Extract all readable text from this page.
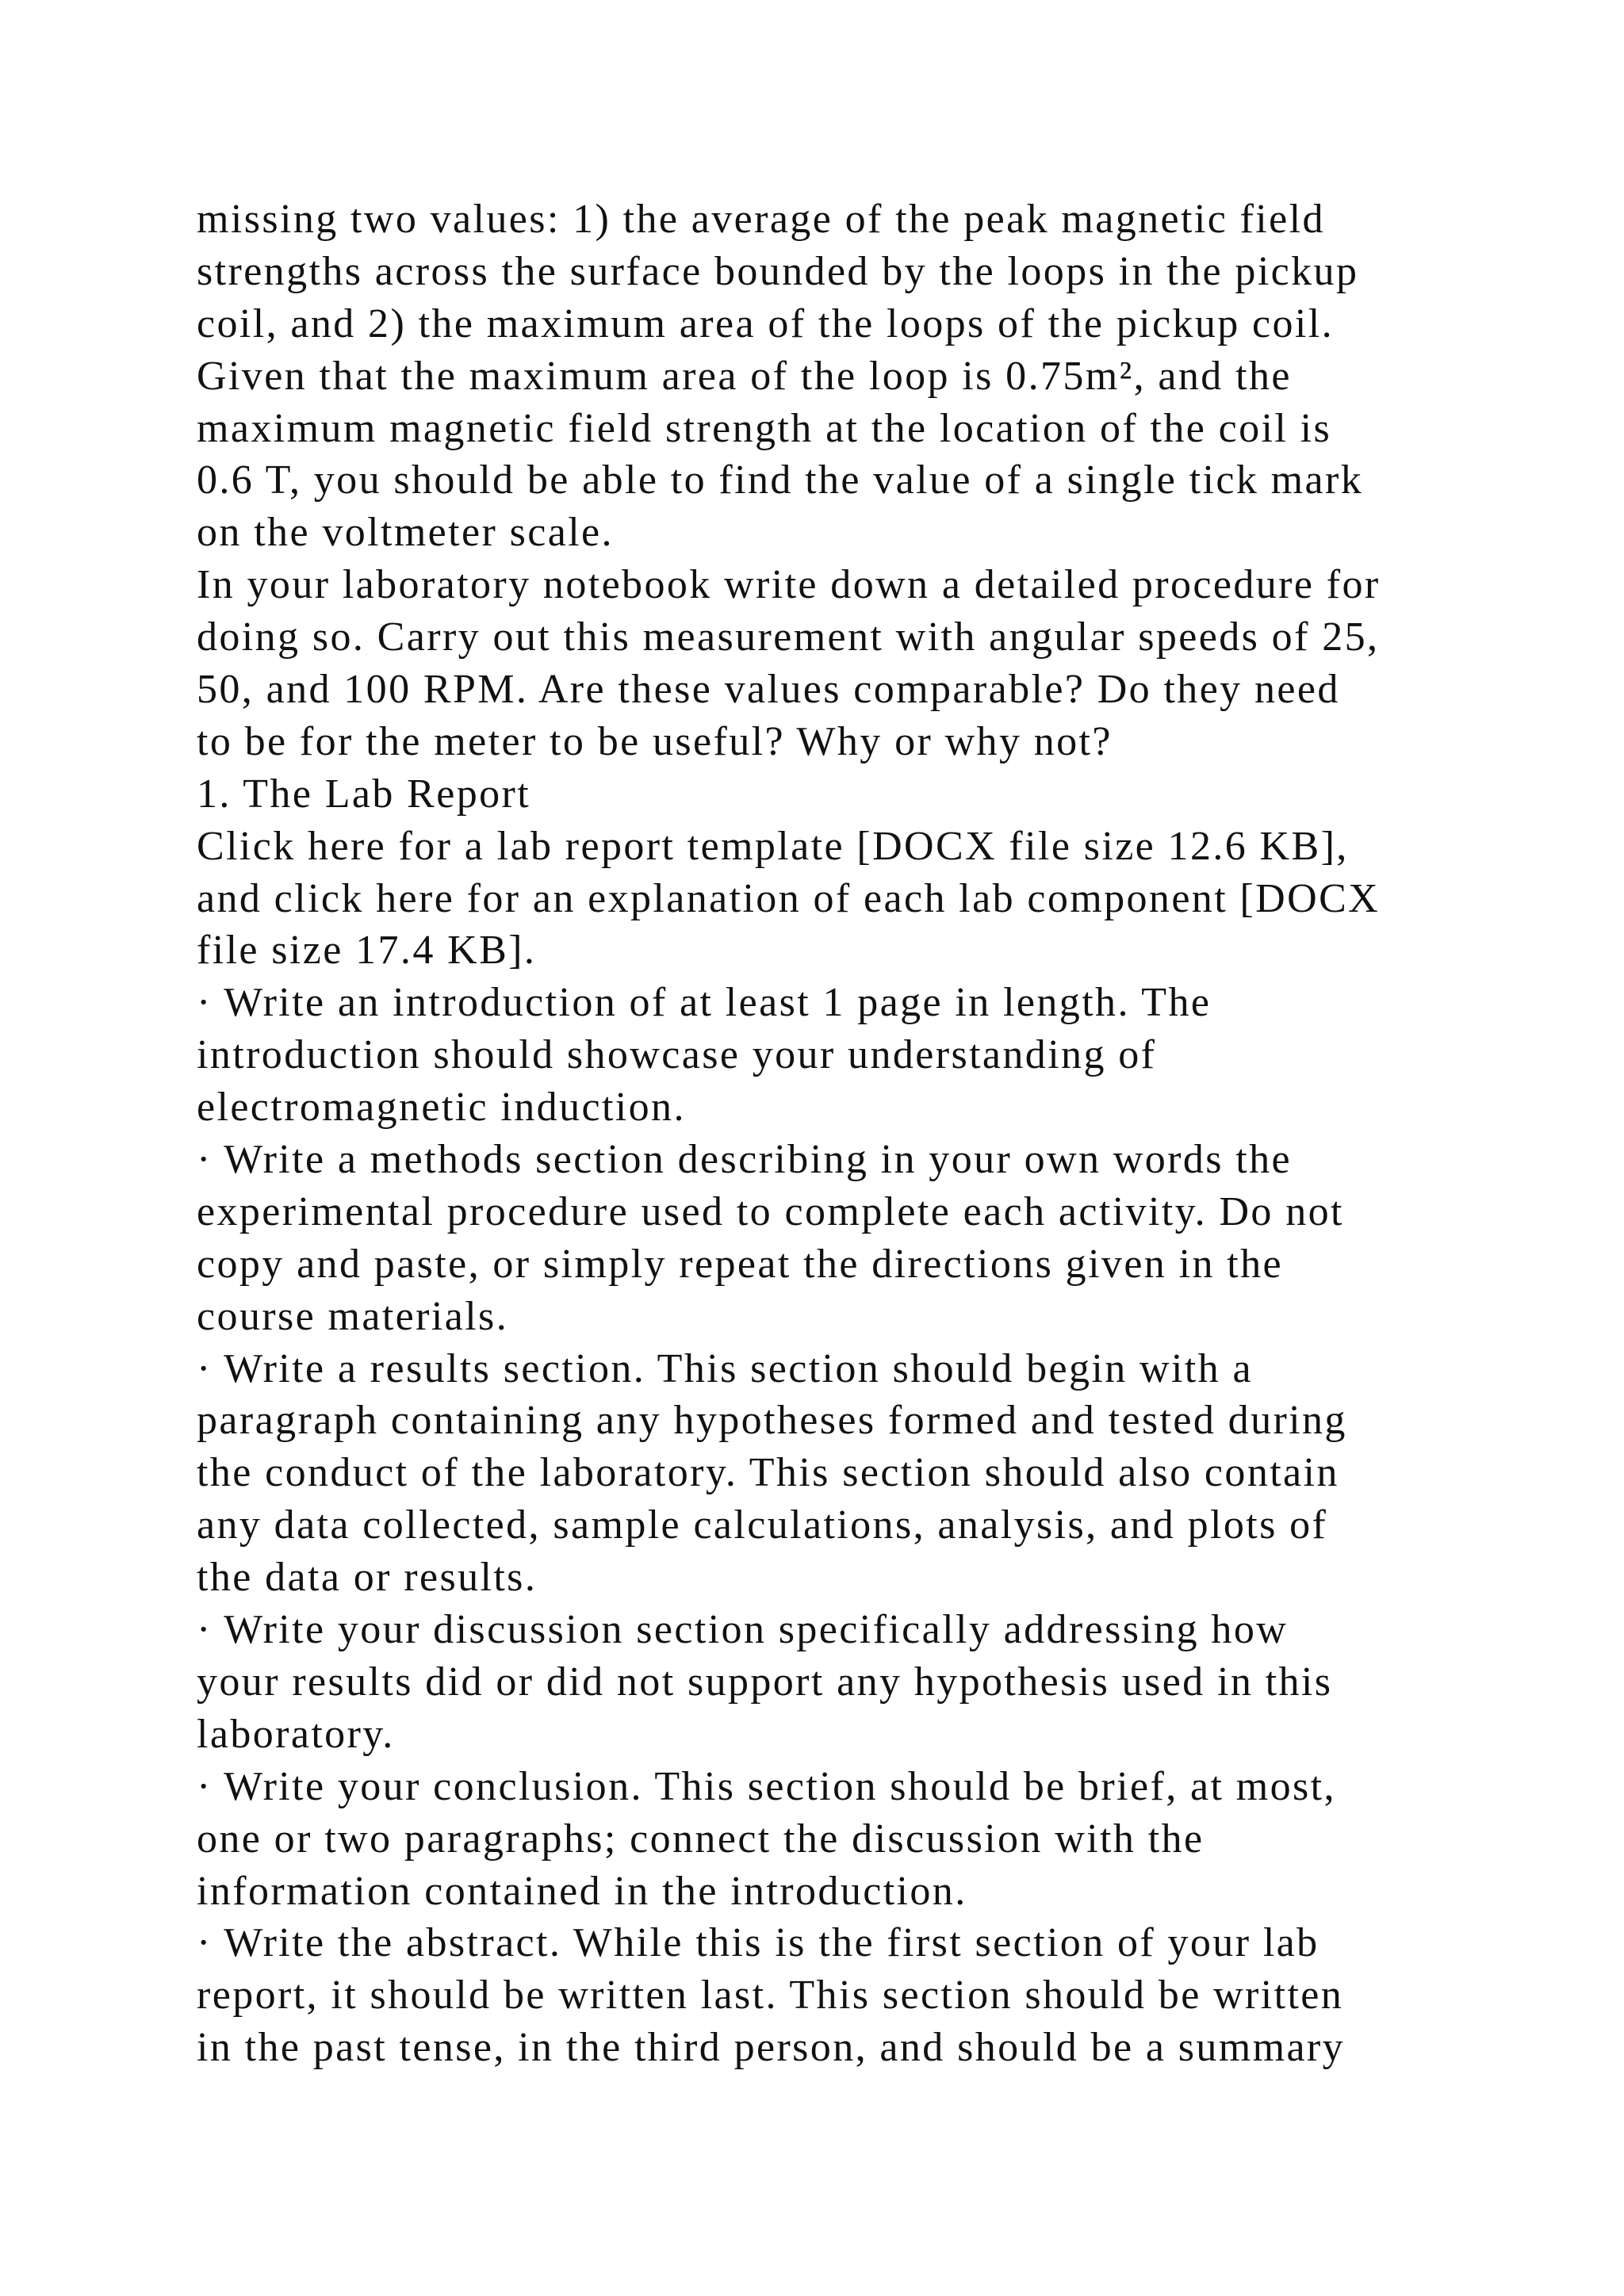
missing two values: 1) the average of the peak magnetic field
strengths across the surface bounded by the loops in the pickup
coil, and 2) the maximum area of the loops of the pickup coil.
Given that the maximum area of the loop is 0.75m², and the
maximum magnetic field strength at the location of the coil is
0.6 T, you should be able to find the value of a single tick mark
on the voltmeter scale.
In your laboratory notebook write down a detailed procedure for
doing so. Carry out this measurement with angular speeds of 25,
50, and 100 RPM. Are these values comparable? Do they need
to be for the meter to be useful? Why or why not?
1. The Lab Report
Click here for a lab report template [DOCX file size 12.6 KB],
and click here for an explanation of each lab component [DOCX
file size 17.4 KB].
· Write an introduction of at least 1 page in length. The
introduction should showcase your understanding of
electromagnetic induction.
· Write a methods section describing in your own words the
experimental procedure used to complete each activity. Do not
copy and paste, or simply repeat the directions given in the
course materials.
· Write a results section. This section should begin with a
paragraph containing any hypotheses formed and tested during
the conduct of the laboratory. This section should also contain
any data collected, sample calculations, analysis, and plots of
the data or results.
· Write your discussion section specifically addressing how
your results did or did not support any hypothesis used in this
laboratory.
· Write your conclusion. This section should be brief, at most,
one or two paragraphs; connect the discussion with the
information contained in the introduction.
· Write the abstract. While this is the first section of your lab
report, it should be written last. This section should be written
in the past tense, in the third person, and should be a summary
